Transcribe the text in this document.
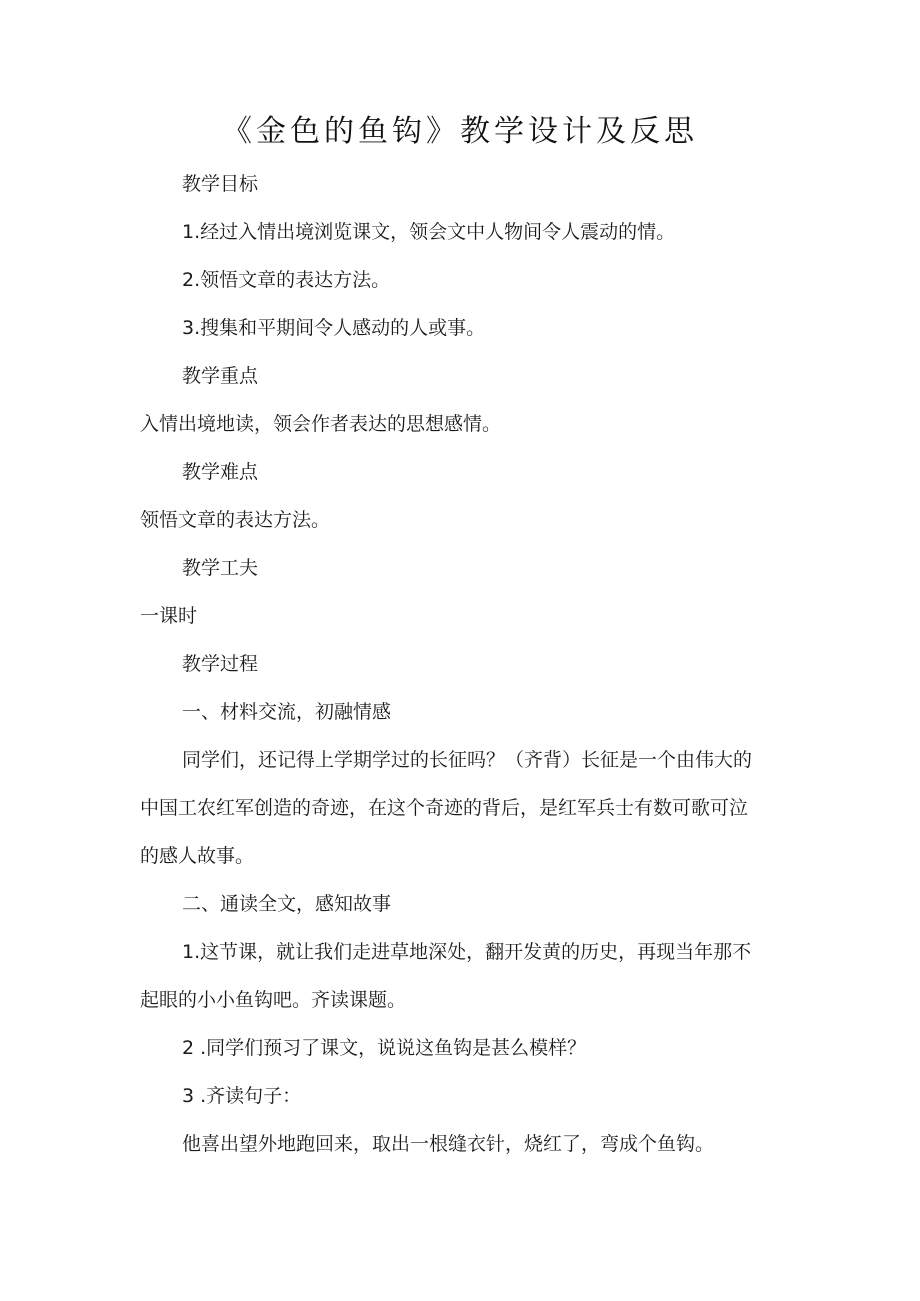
《金色的鱼钩》教学设计及反思

教学目标

1.经过入情出境浏览课文，领会文中人物间令人震动的情。

2.领悟文章的表达方法。

3.搜集和平期间令人感动的人或事。

教学重点

入情出境地读，领会作者表达的思想感情。

教学难点

领悟文章的表达方法。

教学工夫

一课时

教学过程

一、材料交流，初融情感

同学们，还记得上学期学过的长征吗？（齐背）长征是一个由伟大的

中国工农红军创造的奇迹，在这个奇迹的背后，是红军兵士有数可歌可泣

的感人故事。

二、通读全文，感知故事

1.这节课，就让我们走进草地深处，翻开发黄的历史，再现当年那不

起眼的小小鱼钩吧。齐读课题。

2 .同学们预习了课文，说说这鱼钩是甚么模样？

3 .齐读句子：

他喜出望外地跑回来，取出一根缝衣针，烧红了，弯成个鱼钩。
